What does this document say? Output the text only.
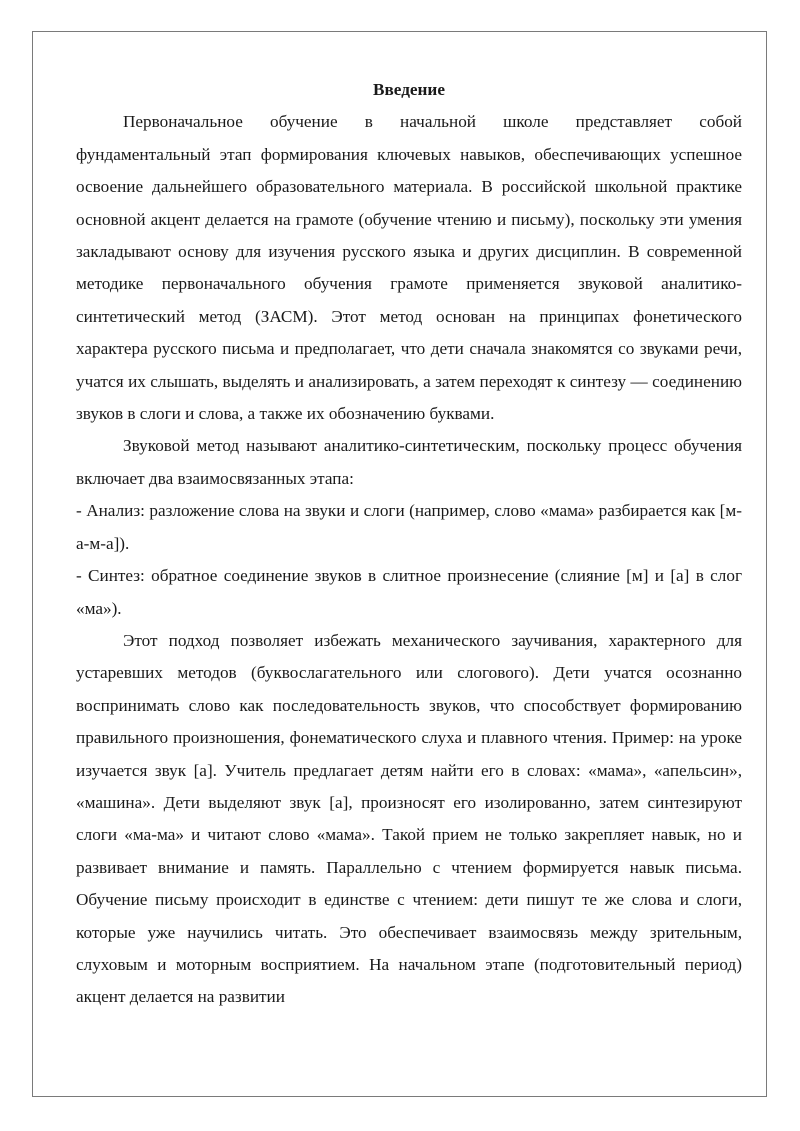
Введение

Первоначальное обучение в начальной школе представляет собой фундаментальный этап формирования ключевых навыков, обеспечивающих успешное освоение дальнейшего образовательного материала. В российской школьной практике основной акцент делается на грамоте (обучение чтению и письму), поскольку эти умения закладывают основу для изучения русского языка и других дисциплин. В современной методике первоначального обучения грамоте применяется звуковой аналитико-синтетический метод (ЗАСМ). Этот метод основан на принципах фонетического характера русского письма и предполагает, что дети сначала знакомятся со звуками речи, учатся их слышать, выделять и анализировать, а затем переходят к синтезу — соединению звуков в слоги и слова, а также их обозначению буквами.

Звуковой метод называют аналитико-синтетическим, поскольку процесс обучения включает два взаимосвязанных этапа:

- Анализ: разложение слова на звуки и слоги (например, слово «мама» разбирается как [м-а-м-а]).

- Синтез: обратное соединение звуков в слитное произнесение (слияние [м] и [а] в слог «ма»).

Этот подход позволяет избежать механического заучивания, характерного для устаревших методов (буквослагательного или слогового). Дети учатся осознанно воспринимать слово как последовательность звуков, что способствует формированию правильного произношения, фонематического слуха и плавного чтения. Пример: на уроке изучается звук [а]. Учитель предлагает детям найти его в словах: «мама», «апельсин», «машина». Дети выделяют звук [а], произносят его изолированно, затем синтезируют слоги «ма-ма» и читают слово «мама». Такой прием не только закрепляет навык, но и развивает внимание и память. Параллельно с чтением формируется навык письма. Обучение письму происходит в единстве с чтением: дети пишут те же слова и слоги, которые уже научились читать. Это обеспечивает взаимосвязь между зрительным, слуховым и моторным восприятием. На начальном этапе (подготовительный период) акцент делается на развитии
